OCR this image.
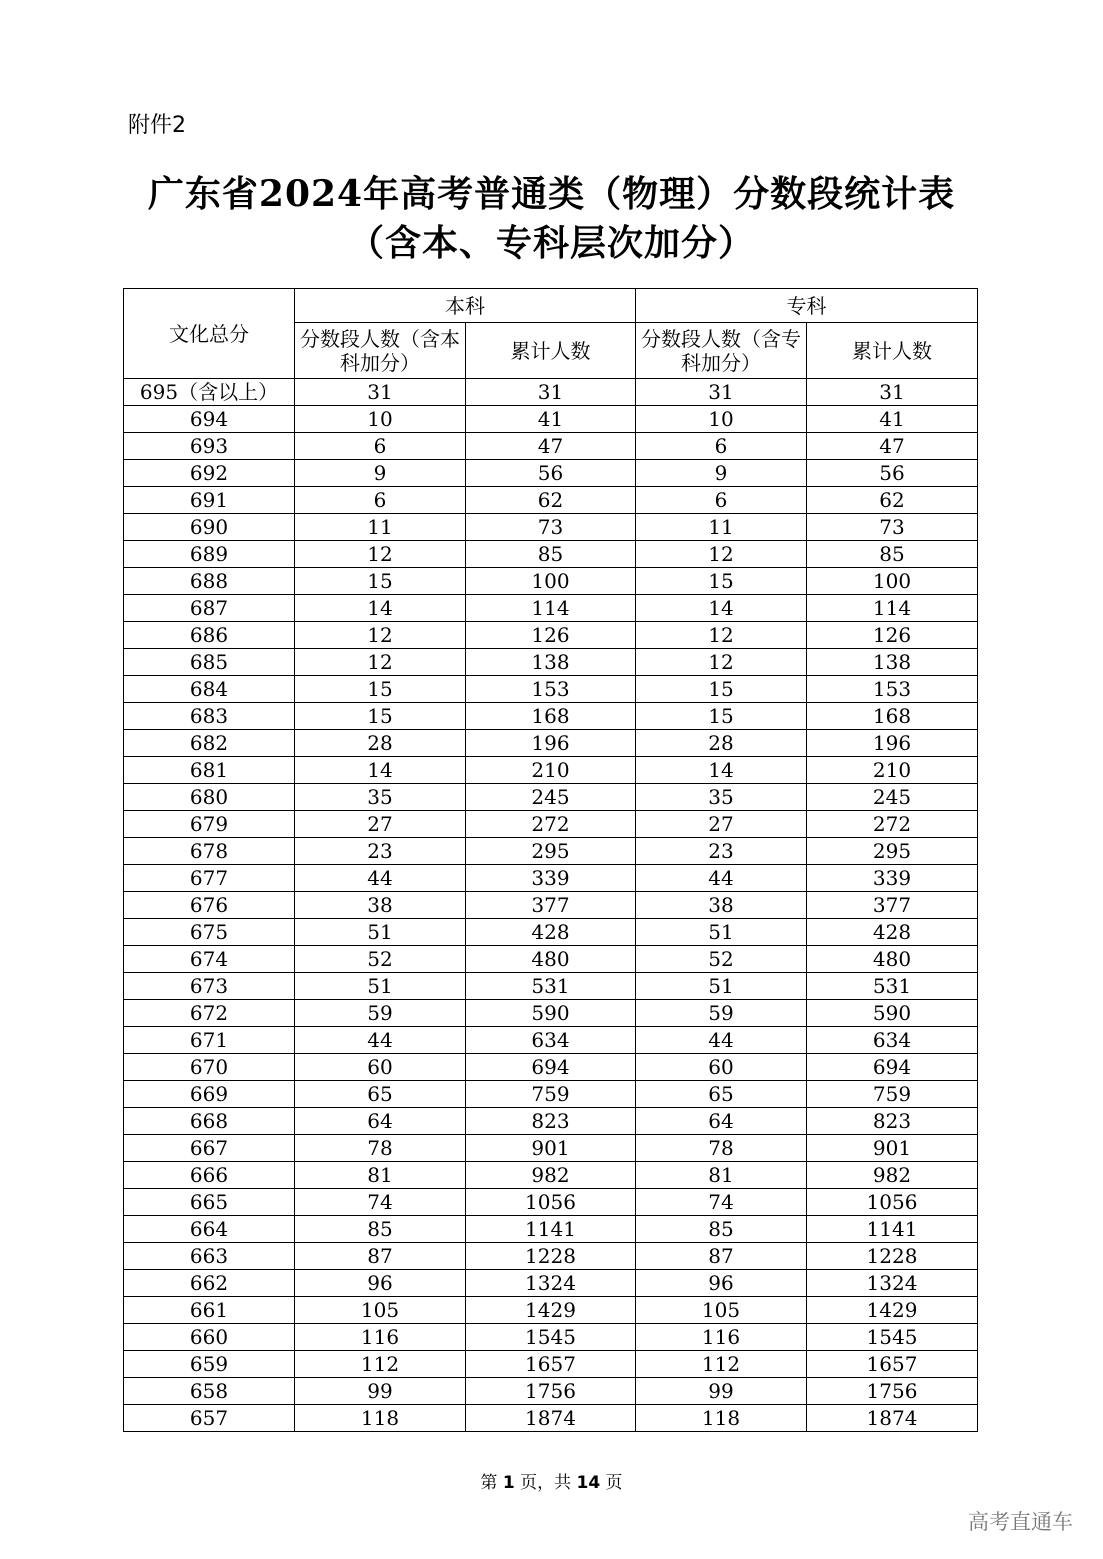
附件2
广东省2024年高考普通类（物理）分数段统计表
（含本、专科层次加分）
文化总分	本科		专科	

	分数段人数（含本科加分）	累计人数	分数段人数（含专科加分）	累计人数
695（含以上）	31	31	31	31
694	10	41	10	41
693	6	47	6	47
692	9	56	9	56
691	6	62	6	62
690	11	73	11	73
689	12	85	12	85
688	15	100	15	100
687	14	114	14	114
686	12	126	12	126
685	12	138	12	138
684	15	153	15	153
683	15	168	15	168
682	28	196	28	196
681	14	210	14	210
680	35	245	35	245
679	27	272	27	272
678	23	295	23	295
677	44	339	44	339
676	38	377	38	377
675	51	428	51	428
674	52	480	52	480
673	51	531	51	531
672	59	590	59	590
671	44	634	44	634
670	60	694	60	694
669	65	759	65	759
668	64	823	64	823
667	78	901	78	901
666	81	982	81	982
665	74	1056	74	1056
664	85	1141	85	1141
663	87	1228	87	1228
662	96	1324	96	1324
661	105	1429	105	1429
660	116	1545	116	1545
659	112	1657	112	1657
658	99	1756	99	1756
657	118	1874	118	1874
第 1 页，共 14 页
高考直通车
